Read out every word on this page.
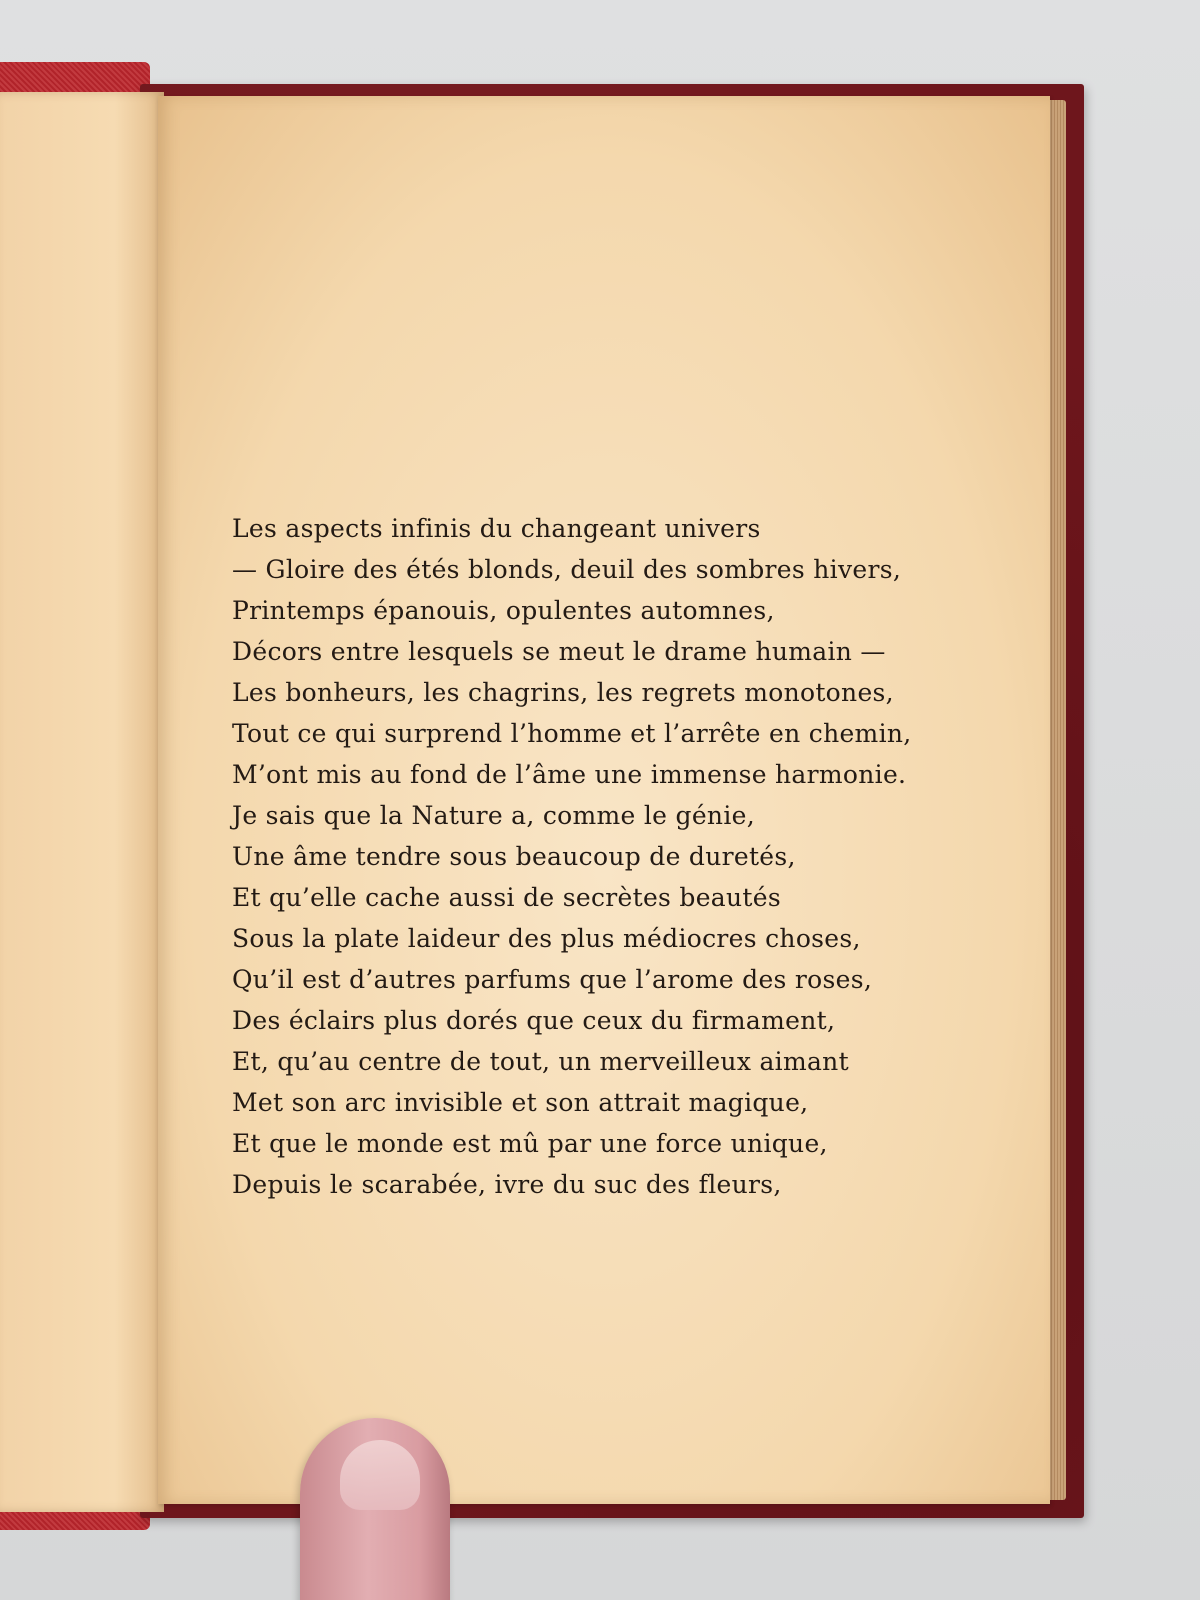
Les aspects infinis du changeant univers
— Gloire des étés blonds, deuil des sombres hivers,
Printemps épanouis, opulentes automnes,
Décors entre lesquels se meut le drame humain —
Les bonheurs, les chagrins, les regrets monotones,
Tout ce qui surprend l’homme et l’arrête en chemin,
M’ont mis au fond de l’âme une immense harmonie.
Je sais que la Nature a, comme le génie,
Une âme tendre sous beaucoup de duretés,
Et qu’elle cache aussi de secrètes beautés
Sous la plate laideur des plus médiocres choses,
Qu’il est d’autres parfums que l’arome des roses,
Des éclairs plus dorés que ceux du firmament,
Et, qu’au centre de tout, un merveilleux aimant
Met son arc invisible et son attrait magique,
Et que le monde est mû par une force unique,
Depuis le scarabée, ivre du suc des fleurs,
